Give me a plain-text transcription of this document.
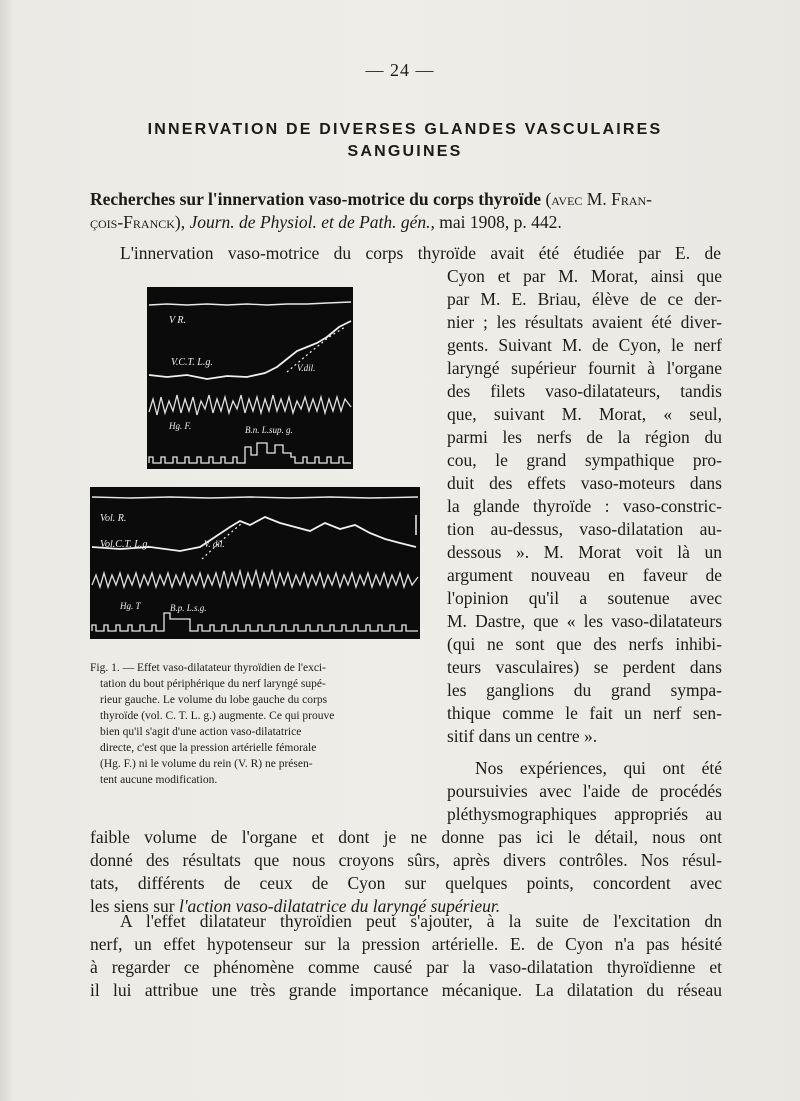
— 24 —
INNERVATION DE DIVERSES GLANDES VASCULAIRES
SANGUINES
Recherches sur l'innervation vaso-motrice du corps thyroïde (avec M. Fran-
çois-Franck), Journ. de Physiol. et de Path. gén., mai 1908, p. 442.
L'innervation vaso-motrice du corps thyroïde avait été étudiée par E. de
Cyon et par M. Morat, ainsi que
par M. E. Briau, élève de ce der-
nier ; les résultats avaient été diver-
gents. Suivant M. de Cyon, le nerf
laryngé supérieur fournit à l'organe
des filets vaso-dilatateurs, tandis
que, suivant M. Morat, « seul,
parmi les nerfs de la région du
cou, le grand sympathique pro-
duit des effets vaso-moteurs dans
la glande thyroïde : vaso-constric-
tion au-dessus, vaso-dilatation au-
dessous ». M. Morat voit là un
argument nouveau en faveur de
l'opinion qu'il a soutenue avec
M. Dastre, que « les vaso-dilatateurs
(qui ne sont que des nerfs inhibi-
teurs vasculaires) se perdent dans
les ganglions du grand sympa-
thique comme le fait un nerf sen-
sitif dans un centre ».
Nos expériences, qui ont été
poursuivies avec l'aide de procédés
pléthysmographiques appropriés au
faible volume de l'organe et dont je ne donne pas ici le détail, nous ont
donné des résultats que nous croyons sûrs, après divers contrôles. Nos résul-
tats, différents de ceux de Cyon sur quelques points, concordent avec
les siens sur l'action vaso-dilatatrice du laryngé supérieur.
A l'effet dilatateur thyroïdien peut s'ajouter, à la suite de l'excitation dn
nerf, un effet hypotenseur sur la pression artérielle. E. de Cyon n'a pas hésité
à regarder ce phénomène comme causé par la vaso-dilatation thyroïdienne et
il lui attribue une très grande importance mécanique. La dilatation du réseau
V R.
V.C.T. L.g.	V.dil.
Hg. F.	B.n. L.sup. g.
Vol. R.
Vol.C.T. L.g.	V. dil.
Hg. T	B.p. L.s.g.
Fig. 1. — Effet vaso-dilatateur thyroïdien de l'exci-
tation du bout périphérique du nerf laryngé supé-
rieur gauche. Le volume du lobe gauche du corps
thyroïde (vol. C. T. L. g.) augmente. Ce qui prouve
bien qu'il s'agit d'une action vaso-dilatatrice
directe, c'est que la pression artérielle fémorale
(Hg. F.) ni le volume du rein (V. R) ne présen-
tent aucune modification.
